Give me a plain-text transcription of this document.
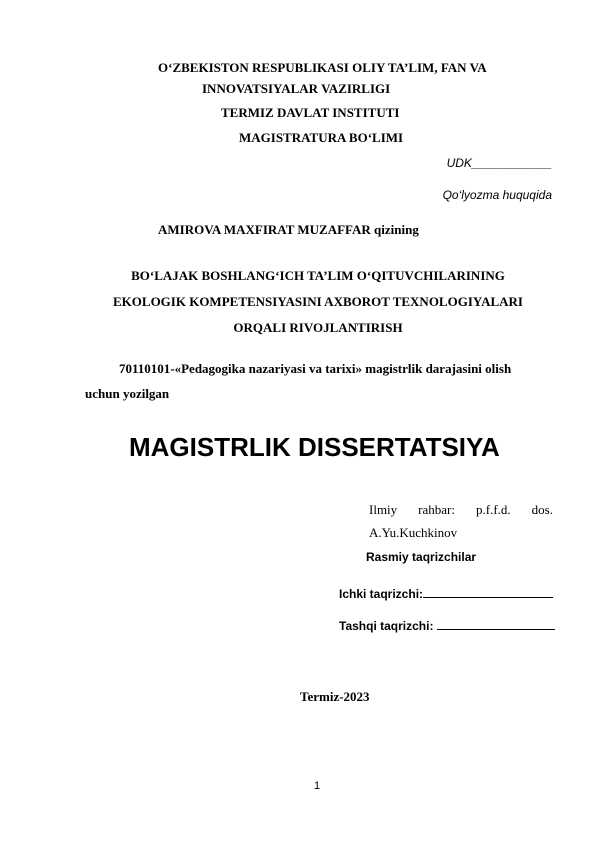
O‘ZBEKISTON RESPUBLIKASI OLIY TA’LIM, FAN VA
INNOVATSIYALAR VAZIRLIGI
TERMIZ DAVLAT INSTITUTI
MAGISTRATURA BO‘LIMI
UDK____________
Qo‘lyozma huquqida
AMIROVA MAXFIRAT MUZAFFAR qizining
BO‘LAJAK BOSHLANG‘ICH TA’LIM O‘QITUVCHILARINING
EKOLOGIK KOMPETENSIYASINI AXBOROT TEXNOLOGIYALARI
ORQALI RIVOJLANTIRISH
70110101-«Pedagogika nazariyasi va tarixi» magistrlik darajasini olish
uchun yozilgan
MAGISTRLIK DISSERTATSIYA
Ilmiy rahbar: p.f.f.d. dos.
A.Yu.Kuchkinov
Rasmiy taqrizchilar
Ichki taqrizchi:
Tashqi taqrizchi:
Termiz-2023
1
